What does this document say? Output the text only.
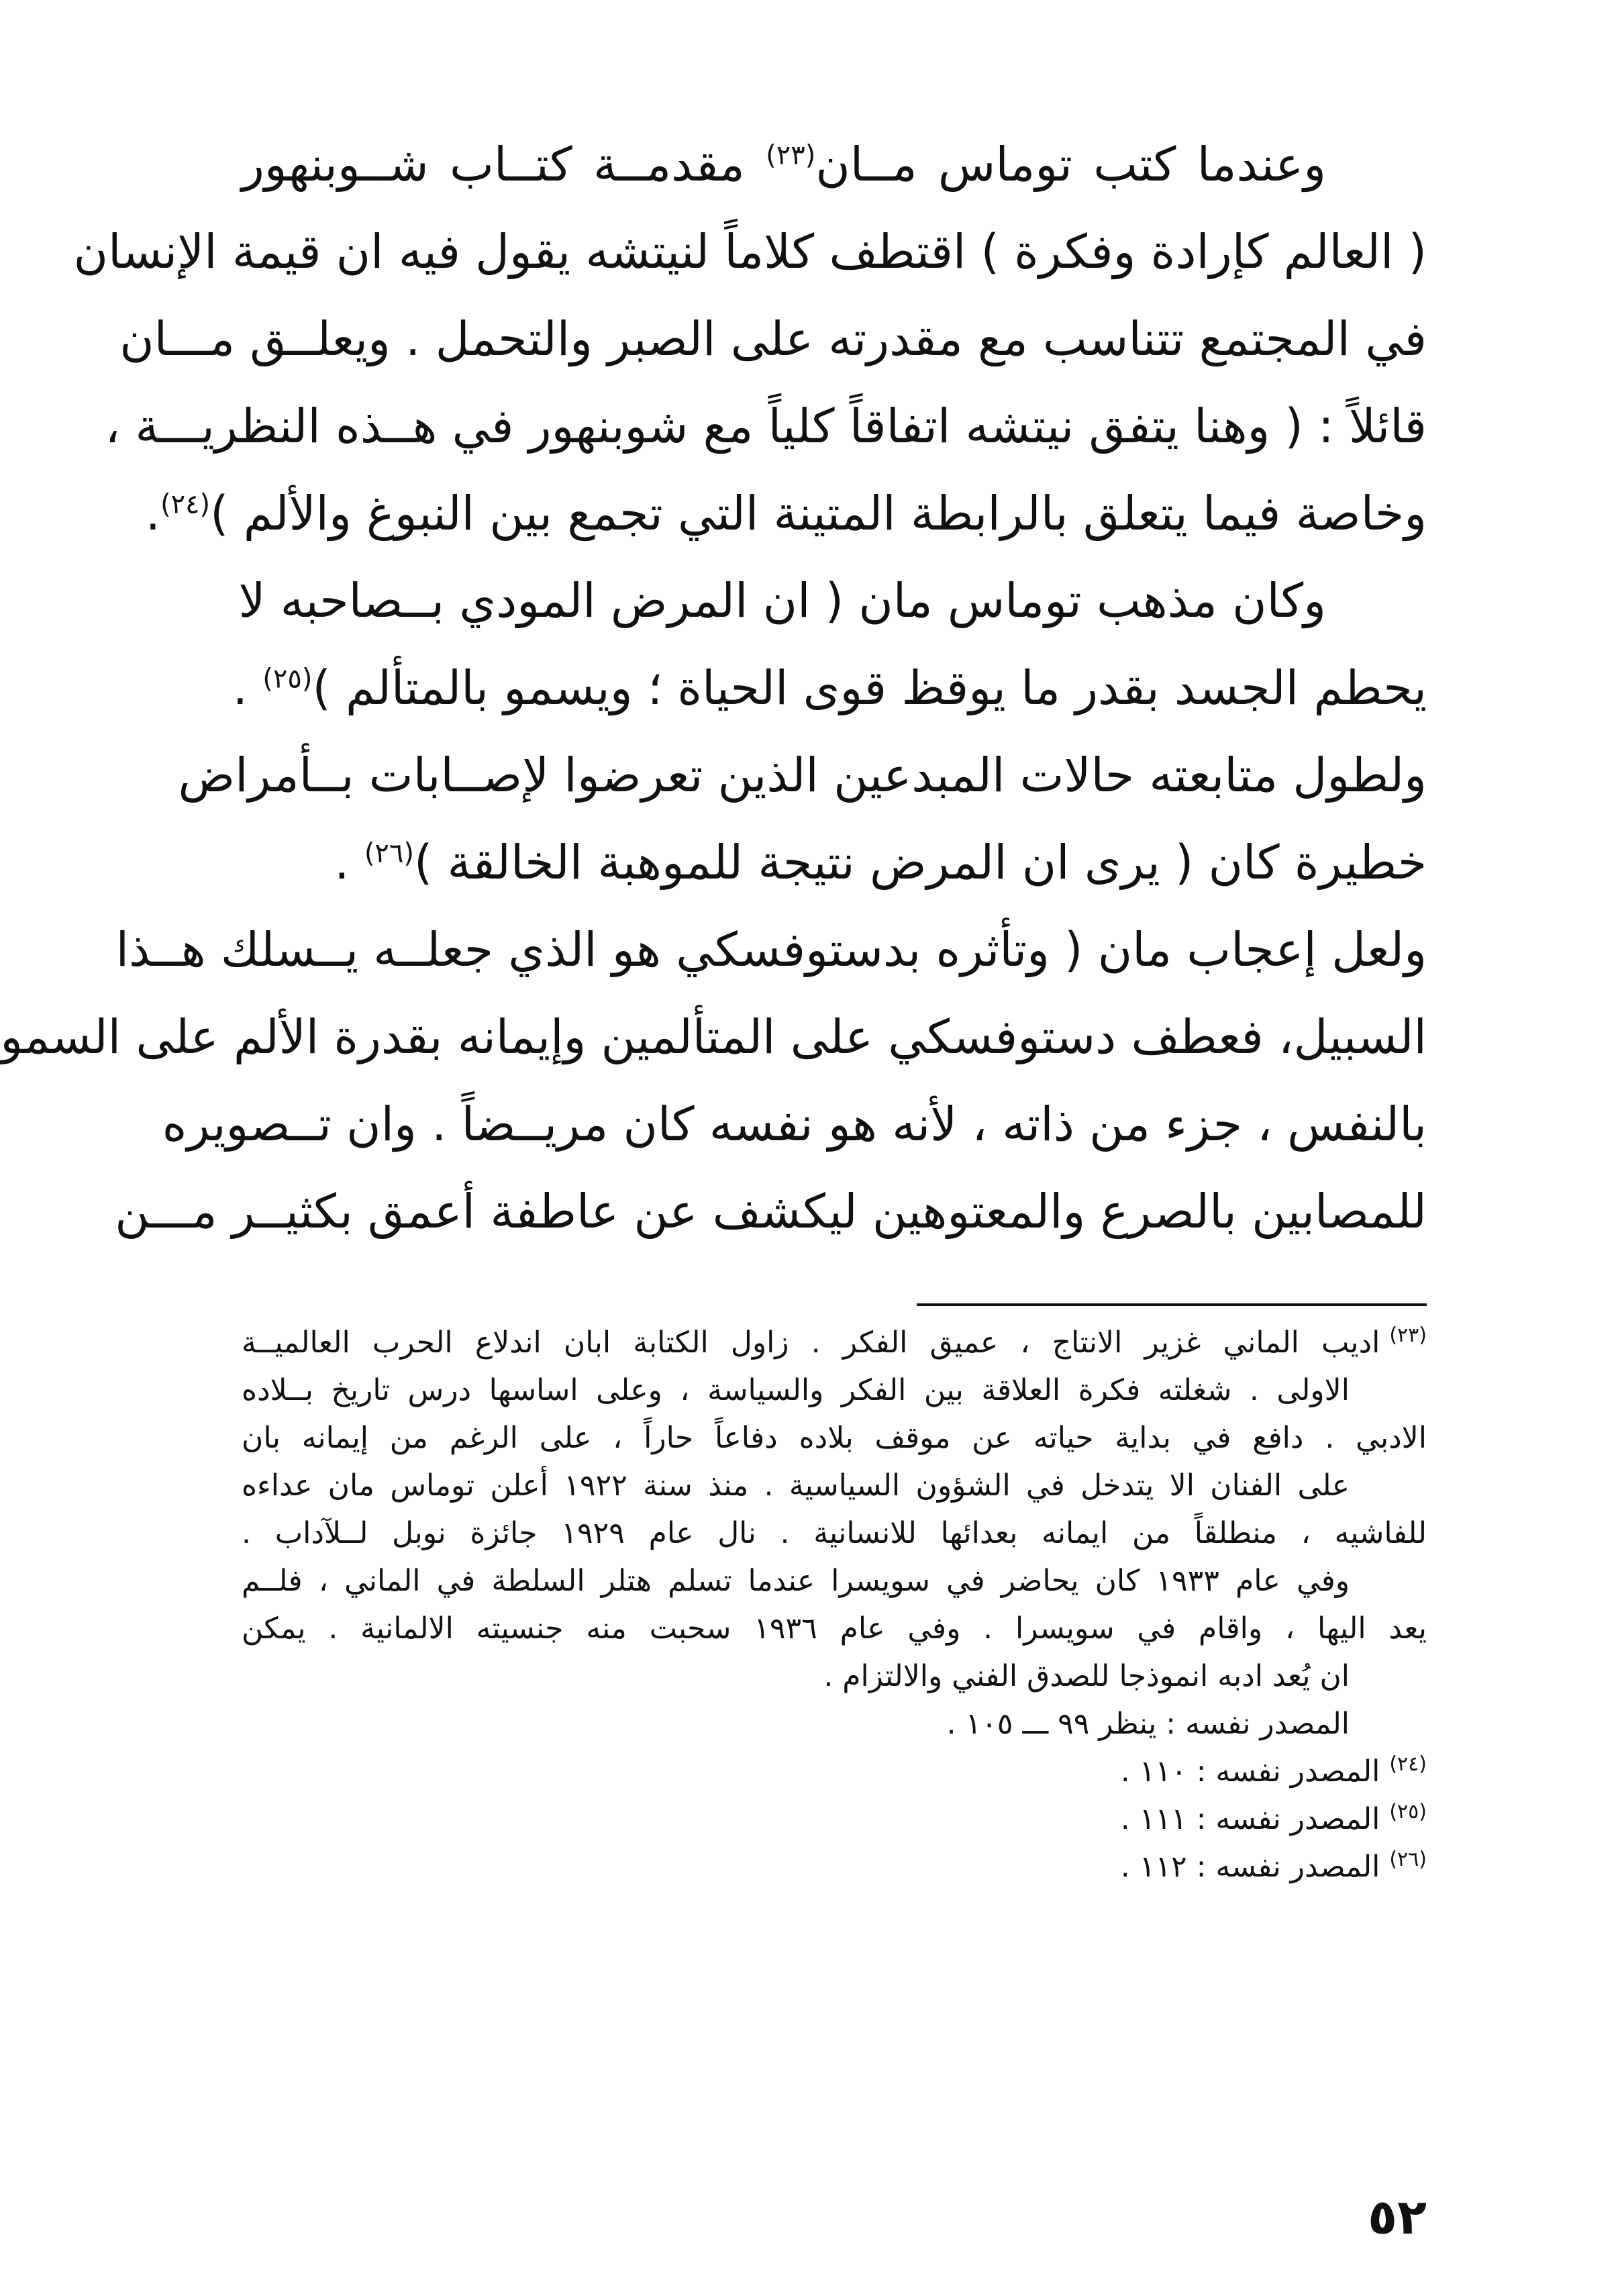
وعندما كتب توماس مــان$^{(٢٣)}$ مقدمــة كتــاب شــوبنهور
( العالم كإرادة وفكرة ) اقتطف كلاماً لنيتشه يقول فيه ان قيمة الإنسان
في المجتمع تتناسب مع مقدرته على الصبر والتحمل . ويعلــق مـــان
قائلاً : ( وهنا يتفق نيتشه اتفاقاً كلياً مع شوبنهور في هــذه النظريـــة ،
وخاصة فيما يتعلق بالرابطة المتينة التي تجمع بين النبوغ والألم )$^{(٢٤)}$.
وكان مذهب توماس مان ( ان المرض المودي بــصاحبه لا
يحطم الجسد بقدر ما يوقظ قوى الحياة ؛ ويسمو بالمتألم )$^{(٢٥)}$ .
ولطول متابعته حالات المبدعين الذين تعرضوا لإصــابات بــأمراض
خطيرة كان ( يرى ان المرض نتيجة للموهبة الخالقة )$^{(٢٦)}$ .
ولعل إعجاب مان ( وتأثره بدستوفسكي هو الذي جعلــه يــسلك هــذا
السبيل، فعطف دستوفسكي على المتألمين وإيمانه بقدرة الألم على السمو
بالنفس ، جزء من ذاته ، لأنه هو نفسه كان مريــضاً . وان تــصويره
للمصابين بالصرع والمعتوهين ليكشف عن عاطفة أعمق بكثيــر مـــن
(٢٣)اديب الماني غزير الانتاج ، عميق الفكر . زاول الكتابة ابان اندلاع الحرب العالميــة
الاولى . شغلته فكرة العلاقة بين الفكر والسياسة ، وعلى اساسها درس تاريخ بــلاده
الادبي . دافع في بداية حياته عن موقف بلاده دفاعاً حاراً ، على الرغم من إيمانه بان
على الفنان الا يتدخل في الشؤون السياسية . منذ سنة ١٩٢٢ أعلن توماس مان عداءه
للفاشيه ، منطلقاً من ايمانه بعدائها للانسانية . نال عام ١٩٢٩ جائزة نوبل لــلآداب .
وفي عام ١٩٣٣ كان يحاضر في سويسرا عندما تسلم هتلر السلطة في الماني ، فلــم
يعد اليها ، واقام في سويسرا . وفي عام ١٩٣٦ سحبت منه جنسيته الالمانية . يمكن
ان يُعد ادبه انموذجا للصدق الفني والالتزام .
المصدر نفسه : ينظر ٩٩ ـــ ١٠٥ .
(٢٤)المصدر نفسه : ١١٠ .
(٢٥)المصدر نفسه : ١١١ .
(٢٦)المصدر نفسه : ١١٢ .
٥٢
